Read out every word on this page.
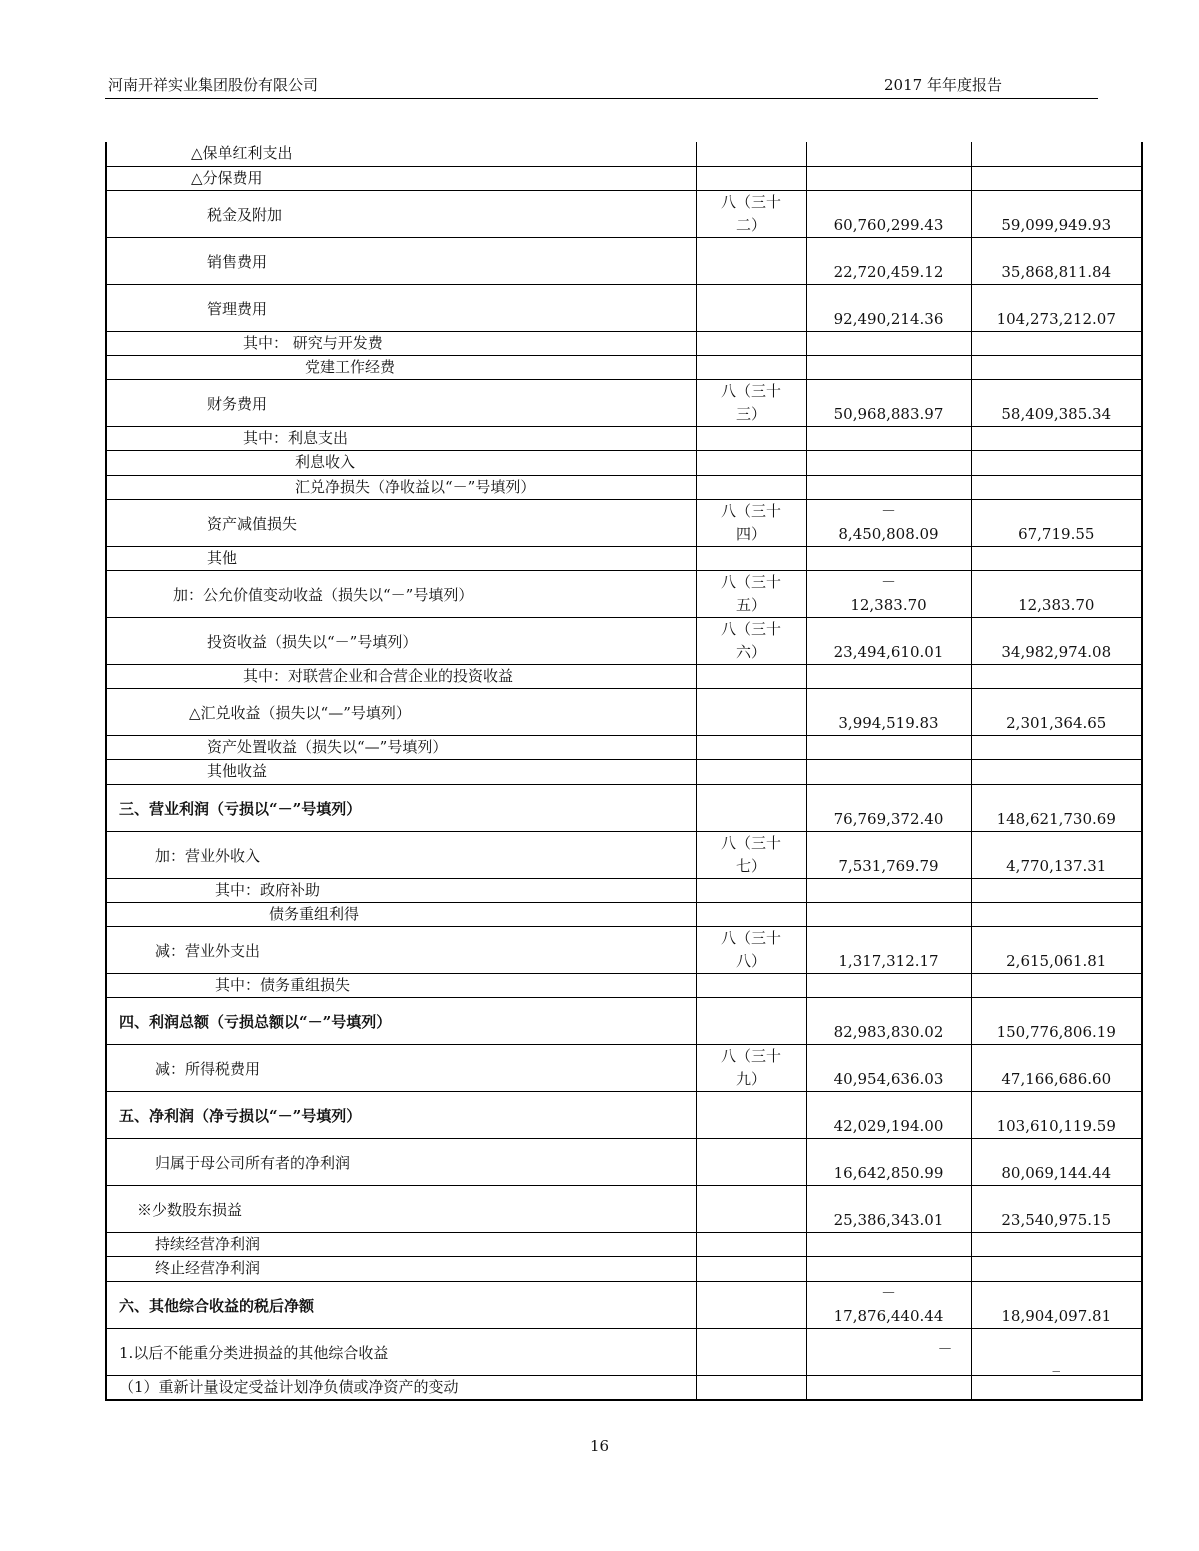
河南开祥实业集团股份有限公司	2017 年年度报告
△保单红利支出		

△分保费用		

税金及附加	八（三十
二）	60,760,299.43	59,099,949.93

销售费用		22,720,459.12	35,868,811.84

管理费用		92,490,214.36	104,273,212.07

其中： 研究与开发费		

党建工作经费		

财务费用	八（三十
三）	50,968,883.97	58,409,385.34

其中：利息支出		

利息收入		

汇兑净损失（净收益以“－”号填列）		

资产减值损失	八（三十
四）	－
8,450,808.09	67,719.55

其他		

加：公允价值变动收益（损失以“－”号填列）	八（三十
五）	－
12,383.70	12,383.70

投资收益（损失以“－”号填列）	八（三十
六）	23,494,610.01	34,982,974.08

其中：对联营企业和合营企业的投资收益		

△汇兑收益（损失以“—”号填列）		3,994,519.83	2,301,364.65

资产处置收益（损失以“—”号填列）		

其他收益		

三、营业利润（亏损以“－”号填列）		76,769,372.40	148,621,730.69

加：营业外收入	八（三十
七）	7,531,769.79	4,770,137.31

其中：政府补助		

债务重组利得		

减：营业外支出	八（三十
八）	1,317,312.17	2,615,061.81

其中：债务重组损失		

四、利润总额（亏损总额以“－”号填列）		82,983,830.02	150,776,806.19

减：所得税费用	八（三十
九）	40,954,636.03	47,166,686.60

五、净利润（净亏损以“－”号填列）		42,029,194.00	103,610,119.59

归属于母公司所有者的净利润		16,642,850.99	80,069,144.44

※少数股东损益		25,386,343.01	23,540,975.15

持续经营净利润		

终止经营净利润		

六、其他综合收益的税后净额		－
17,876,440.44	18,904,097.81

1.以后不能重分类进损益的其他综合收益		－	_

（1）重新计量设定受益计划净负债或净资产的变动		

16
